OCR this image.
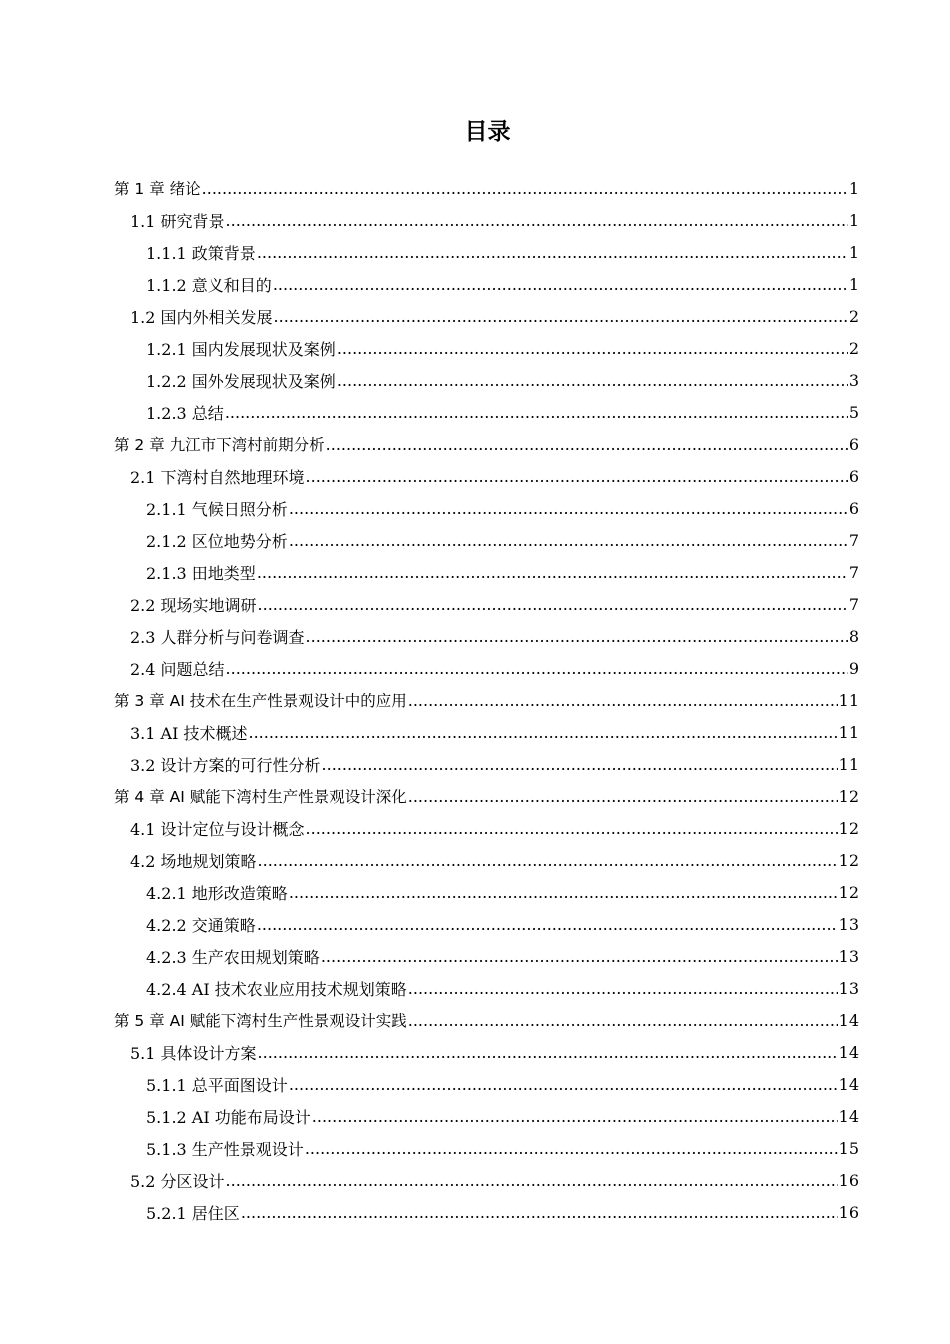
目录
第 1 章 绪论 .....	1
1.1 研究背景 .....	1
1.1.1 政策背景 .....	1
1.1.2 意义和目的 .....	1
1.2 国内外相关发展 .....	2
1.2.1 国内发展现状及案例 .....	2
1.2.2 国外发展现状及案例 .....	3
1.2.3 总结 .....	5
第 2 章 九江市下湾村前期分析 .....	6
2.1 下湾村自然地理环境 .....	6
2.1.1 气候日照分析 .....	6
2.1.2 区位地势分析 .....	7
2.1.3 田地类型 .....	7
2.2 现场实地调研 .....	7
2.3 人群分析与问卷调查 .....	8
2.4 问题总结 .....	9
第 3 章 AI 技术在生产性景观设计中的应用 .....	11
3.1 AI 技术概述 .....	11
3.2 设计方案的可行性分析 .....	11
第 4 章 AI 赋能下湾村生产性景观设计深化 .....	12
4.1 设计定位与设计概念 .....	12
4.2 场地规划策略 .....	12
4.2.1 地形改造策略 .....	12
4.2.2 交通策略 .....	13
4.2.3 生产农田规划策略 .....	13
4.2.4 AI 技术农业应用技术规划策略 .....	13
第 5 章 AI 赋能下湾村生产性景观设计实践 .....	14
5.1 具体设计方案 .....	14
5.1.1 总平面图设计 .....	14
5.1.2 AI 功能布局设计 .....	14
5.1.3 生产性景观设计 .....	15
5.2 分区设计 .....	16
5.2.1 居住区 .....	16
